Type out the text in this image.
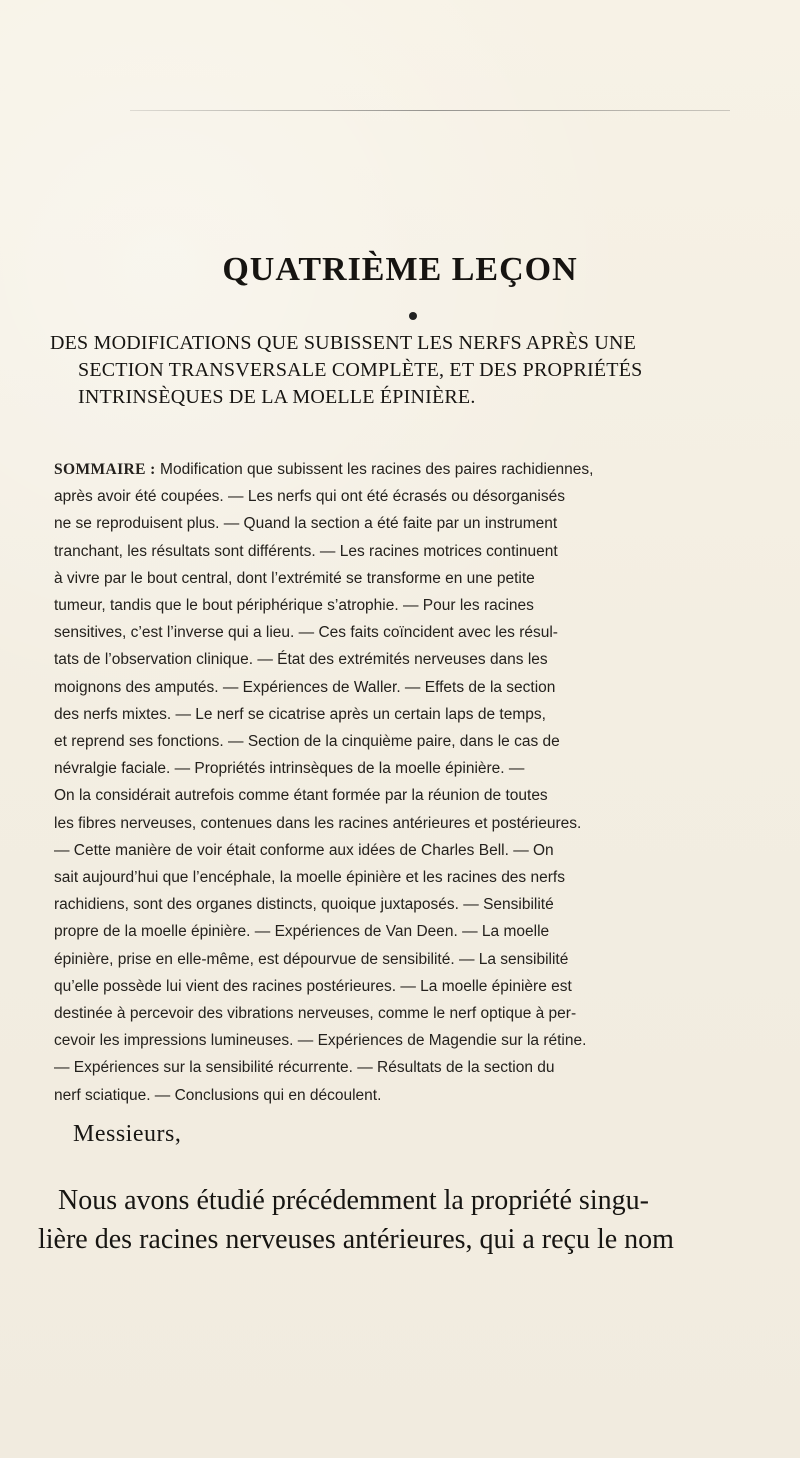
QUATRIÈME LEÇON
DES MODIFICATIONS QUE SUBISSENT LES NERFS APRÈS UNE
SECTION TRANSVERSALE COMPLÈTE, ET DES PROPRIÉTÉS
INTRINSÈQUES DE LA MOELLE ÉPINIÈRE.
SOMMAIRE : Modification que subissent les racines des paires rachidiennes,
après avoir été coupées. — Les nerfs qui ont été écrasés ou désorganisés
ne se reproduisent plus. — Quand la section a été faite par un instrument
tranchant, les résultats sont différents. — Les racines motrices continuent
à vivre par le bout central, dont l’extrémité se transforme en une petite
tumeur, tandis que le bout périphérique s’atrophie. — Pour les racines
sensitives, c’est l’inverse qui a lieu. — Ces faits coïncident avec les résul-
tats de l’observation clinique. — État des extrémités nerveuses dans les
moignons des amputés. — Expériences de Waller. — Effets de la section
des nerfs mixtes. — Le nerf se cicatrise après un certain laps de temps,
et reprend ses fonctions. — Section de la cinquième paire, dans le cas de
névralgie faciale. — Propriétés intrinsèques de la moelle épinière. —
On la considérait autrefois comme étant formée par la réunion de toutes
les fibres nerveuses, contenues dans les racines antérieures et postérieures.
— Cette manière de voir était conforme aux idées de Charles Bell. — On
sait aujourd’hui que l’encéphale, la moelle épinière et les racines des nerfs
rachidiens, sont des organes distincts, quoique juxtaposés. — Sensibilité
propre de la moelle épinière. — Expériences de Van Deen. — La moelle
épinière, prise en elle-même, est dépourvue de sensibilité. — La sensibilité
qu’elle possède lui vient des racines postérieures. — La moelle épinière est
destinée à percevoir des vibrations nerveuses, comme le nerf optique à per-
cevoir les impressions lumineuses. — Expériences de Magendie sur la rétine.
— Expériences sur la sensibilité récurrente. — Résultats de la section du
nerf sciatique. — Conclusions qui en découlent.
Messieurs,
Nous avons étudié précédemment la propriété singu-
lière des racines nerveuses antérieures, qui a reçu le nom
